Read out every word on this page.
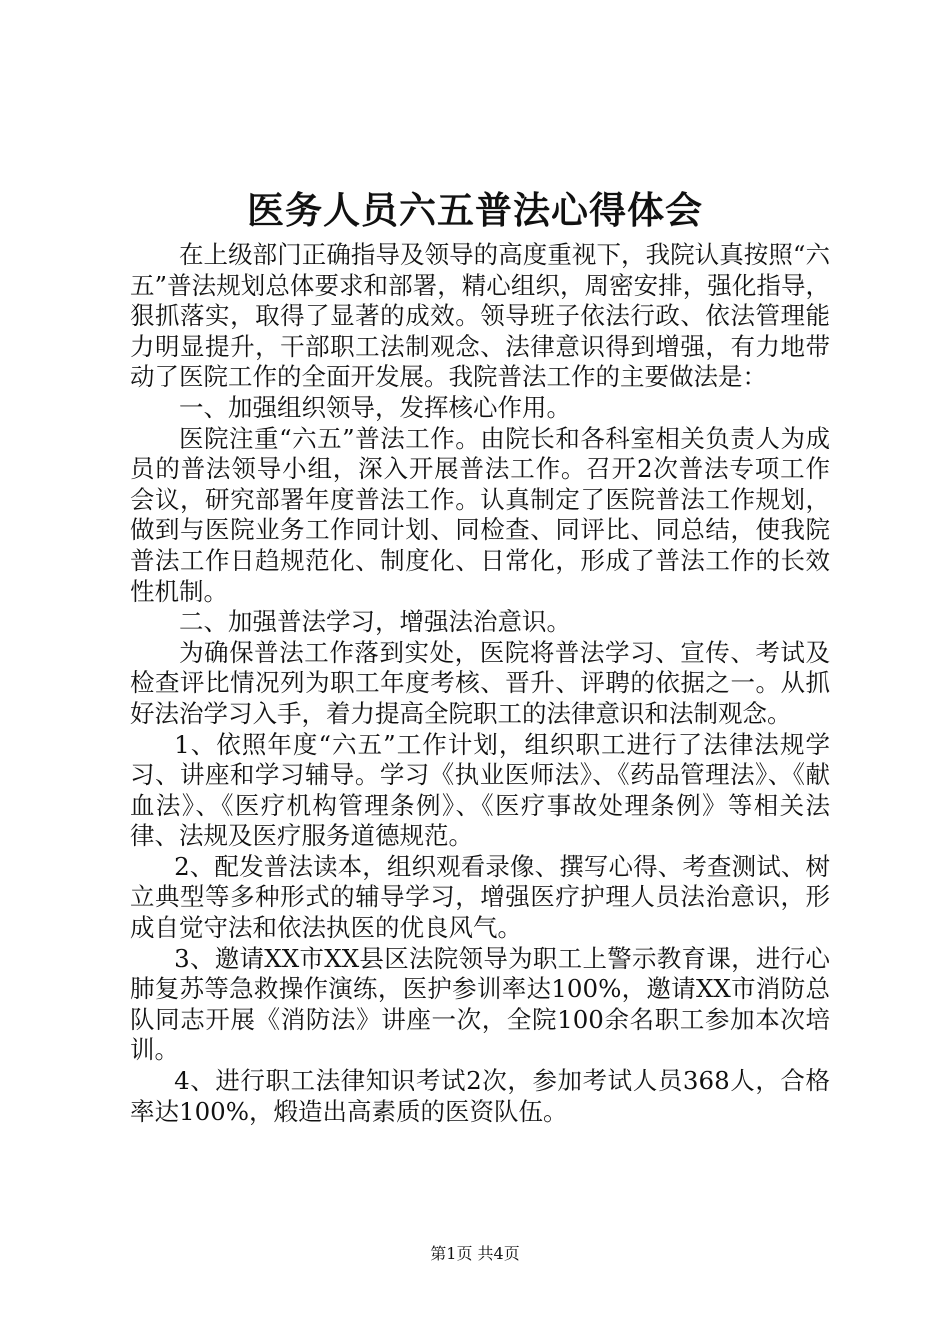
医务人员六五普法心得体会

在上级部门正确指导及领导的高度重视下，我院认真按照“六五”普法规划总体要求和部署，精心组织，周密安排，强化指导，狠抓落实，取得了显著的成效。领导班子依法行政、依法管理能力明显提升，干部职工法制观念、法律意识得到增强，有力地带动了医院工作的全面开发展。我院普法工作的主要做法是：

一、加强组织领导，发挥核心作用。

医院注重“六五”普法工作。由院长和各科室相关负责人为成员的普法领导小组，深入开展普法工作。召开2次普法专项工作会议，研究部署年度普法工作。认真制定了医院普法工作规划，做到与医院业务工作同计划、同检查、同评比、同总结，使我院普法工作日趋规范化、制度化、日常化，形成了普法工作的长效性机制。

二、加强普法学习，增强法治意识。

为确保普法工作落到实处，医院将普法学习、宣传、考试及检查评比情况列为职工年度考核、晋升、评聘的依据之一。从抓好法治学习入手，着力提高全院职工的法律意识和法制观念。

1、依照年度“六五”工作计划，组织职工进行了法律法规学习、讲座和学习辅导。学习《执业医师法》、《药品管理法》、《献血法》、《医疗机构管理条例》、《医疗事故处理条例》等相关法律、法规及医疗服务道德规范。

2、配发普法读本，组织观看录像、撰写心得、考查测试、树立典型等多种形式的辅导学习，增强医疗护理人员法治意识，形成自觉守法和依法执医的优良风气。

3、邀请XX市XX县区法院领导为职工上警示教育课，进行心肺复苏等急救操作演练，医护参训率达100%，邀请XX市消防总队同志开展《消防法》讲座一次，全院100余名职工参加本次培训。

4、进行职工法律知识考试2次，参加考试人员368人，合格率达100%，煅造出高素质的医资队伍。

第1页 共4页
